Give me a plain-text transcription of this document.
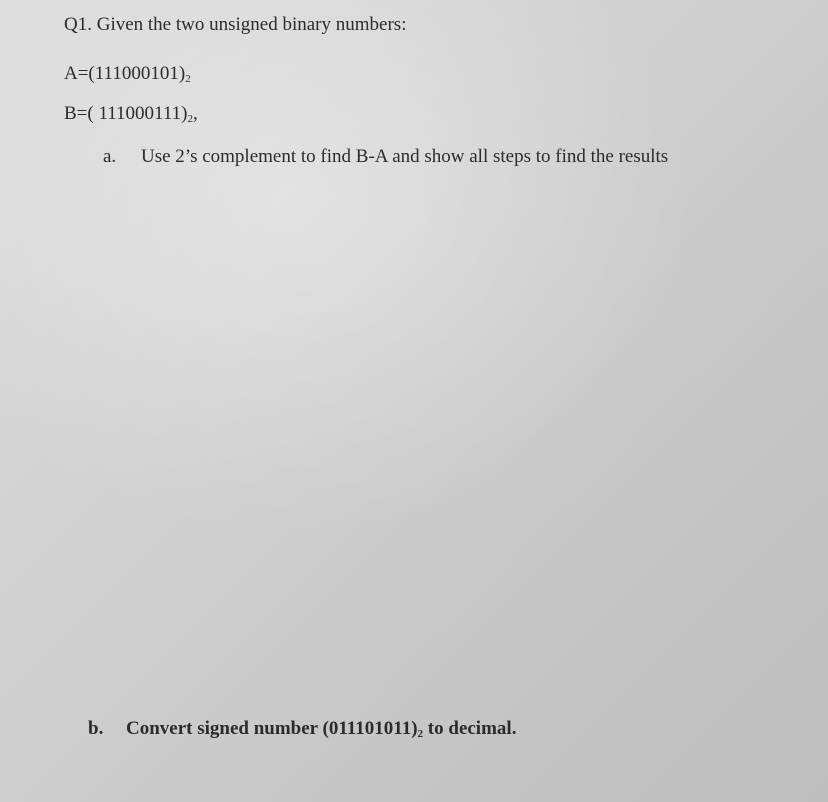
Q1. Given the two unsigned binary numbers:
$A=(111000101)_2$
B=( $111000111)_2$,
a. Use 2’s complement to find B-A and show all steps to find the results
b. Convert signed number $(011101011)_2$ to decimal.
